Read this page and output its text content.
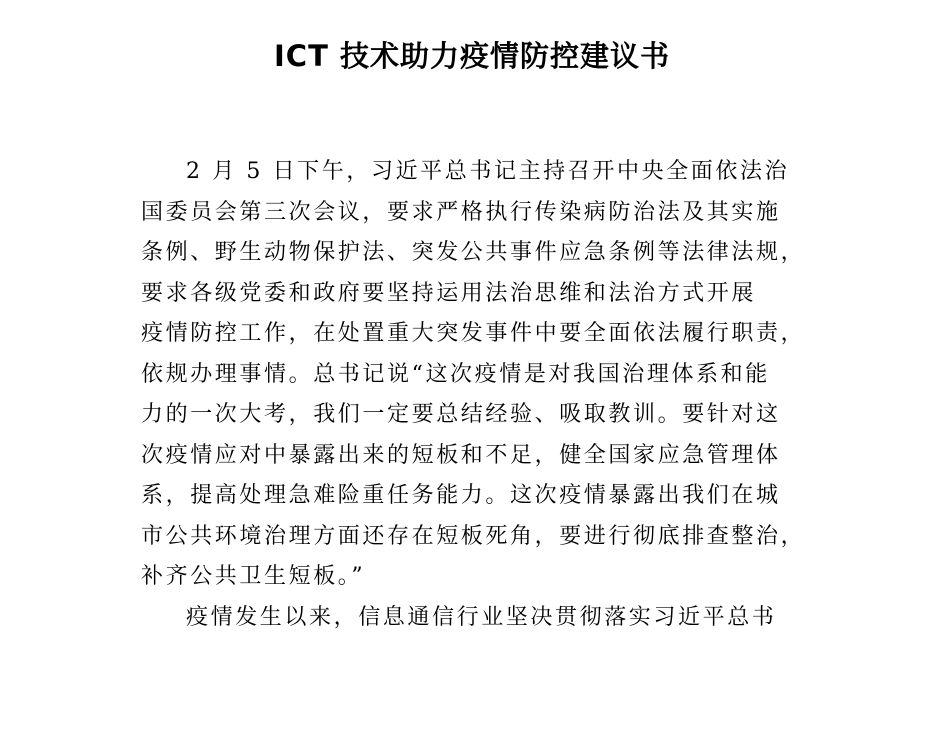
ICT 技术助力疫情防控建议书
2 月 5 日下午，习近平总书记主持召开中央全面依法治
国委员会第三次会议，要求严格执行传染病防治法及其实施
条例、野生动物保护法、突发公共事件应急条例等法律法规，
要求各级党委和政府要坚持运用法治思维和法治方式开展
疫情防控工作，在处置重大突发事件中要全面依法履行职责，
依规办理事情。总书记说“这次疫情是对我国治理体系和能
力的一次大考，我们一定要总结经验、吸取教训。要针对这
次疫情应对中暴露出来的短板和不足，健全国家应急管理体
系，提高处理急难险重任务能力。这次疫情暴露出我们在城
市公共环境治理方面还存在短板死角，要进行彻底排查整治，
补齐公共卫生短板。”
疫情发生以来，信息通信行业坚决贯彻落实习近平总书
